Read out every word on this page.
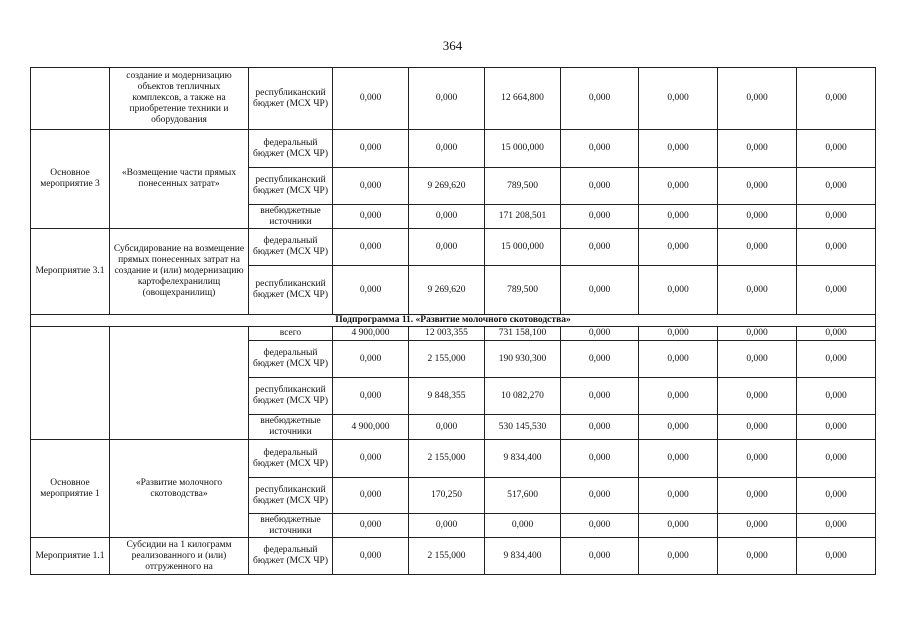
364
	создание и модернизацию объектов тепличных комплексов, а также на приобретение техники и оборудования	республиканский бюджет (МСХ ЧР)	0,000	0,000	12 664,800	0,000	0,000	0,000	0,000
Основное мероприятие 3	«Возмещение части прямых понесенных затрат»	федеральный бюджет (МСХ ЧР)	0,000	0,000	15 000,000	0,000	0,000	0,000	0,000
		республиканский бюджет (МСХ ЧР)	0,000	9 269,620	789,500	0,000	0,000	0,000	0,000
		внебюджетные источники	0,000	0,000	171 208,501	0,000	0,000	0,000	0,000
Мероприятие 3.1	Субсидирование на возмещение прямых понесенных затрат на создание и (или) модернизацию картофелехранилищ (овощехранилищ)	федеральный бюджет (МСХ ЧР)	0,000	0,000	15 000,000	0,000	0,000	0,000	0,000
		республиканский бюджет (МСХ ЧР)	0,000	9 269,620	789,500	0,000	0,000	0,000	0,000
Подпрограмма 11. «Развитие молочного скотоводства»									
		всего	4 900,000	12 003,355	731 158,100	0,000	0,000	0,000	0,000
		федеральный бюджет (МСХ ЧР)	0,000	2 155,000	190 930,300	0,000	0,000	0,000	0,000
		республиканский бюджет (МСХ ЧР)	0,000	9 848,355	10 082,270	0,000	0,000	0,000	0,000
		внебюджетные источники	4 900,000	0,000	530 145,530	0,000	0,000	0,000	0,000
Основное мероприятие 1	«Развитие молочного скотоводства»	федеральный бюджет (МСХ ЧР)	0,000	2 155,000	9 834,400	0,000	0,000	0,000	0,000
		республиканский бюджет (МСХ ЧР)	0,000	170,250	517,600	0,000	0,000	0,000	0,000
		внебюджетные источники	0,000	0,000	0,000	0,000	0,000	0,000	0,000
Мероприятие 1.1	Субсидии на 1 килограмм реализованного и (или) отгруженного на	федеральный бюджет (МСХ ЧР)	0,000	2 155,000	9 834,400	0,000	0,000	0,000	0,000
